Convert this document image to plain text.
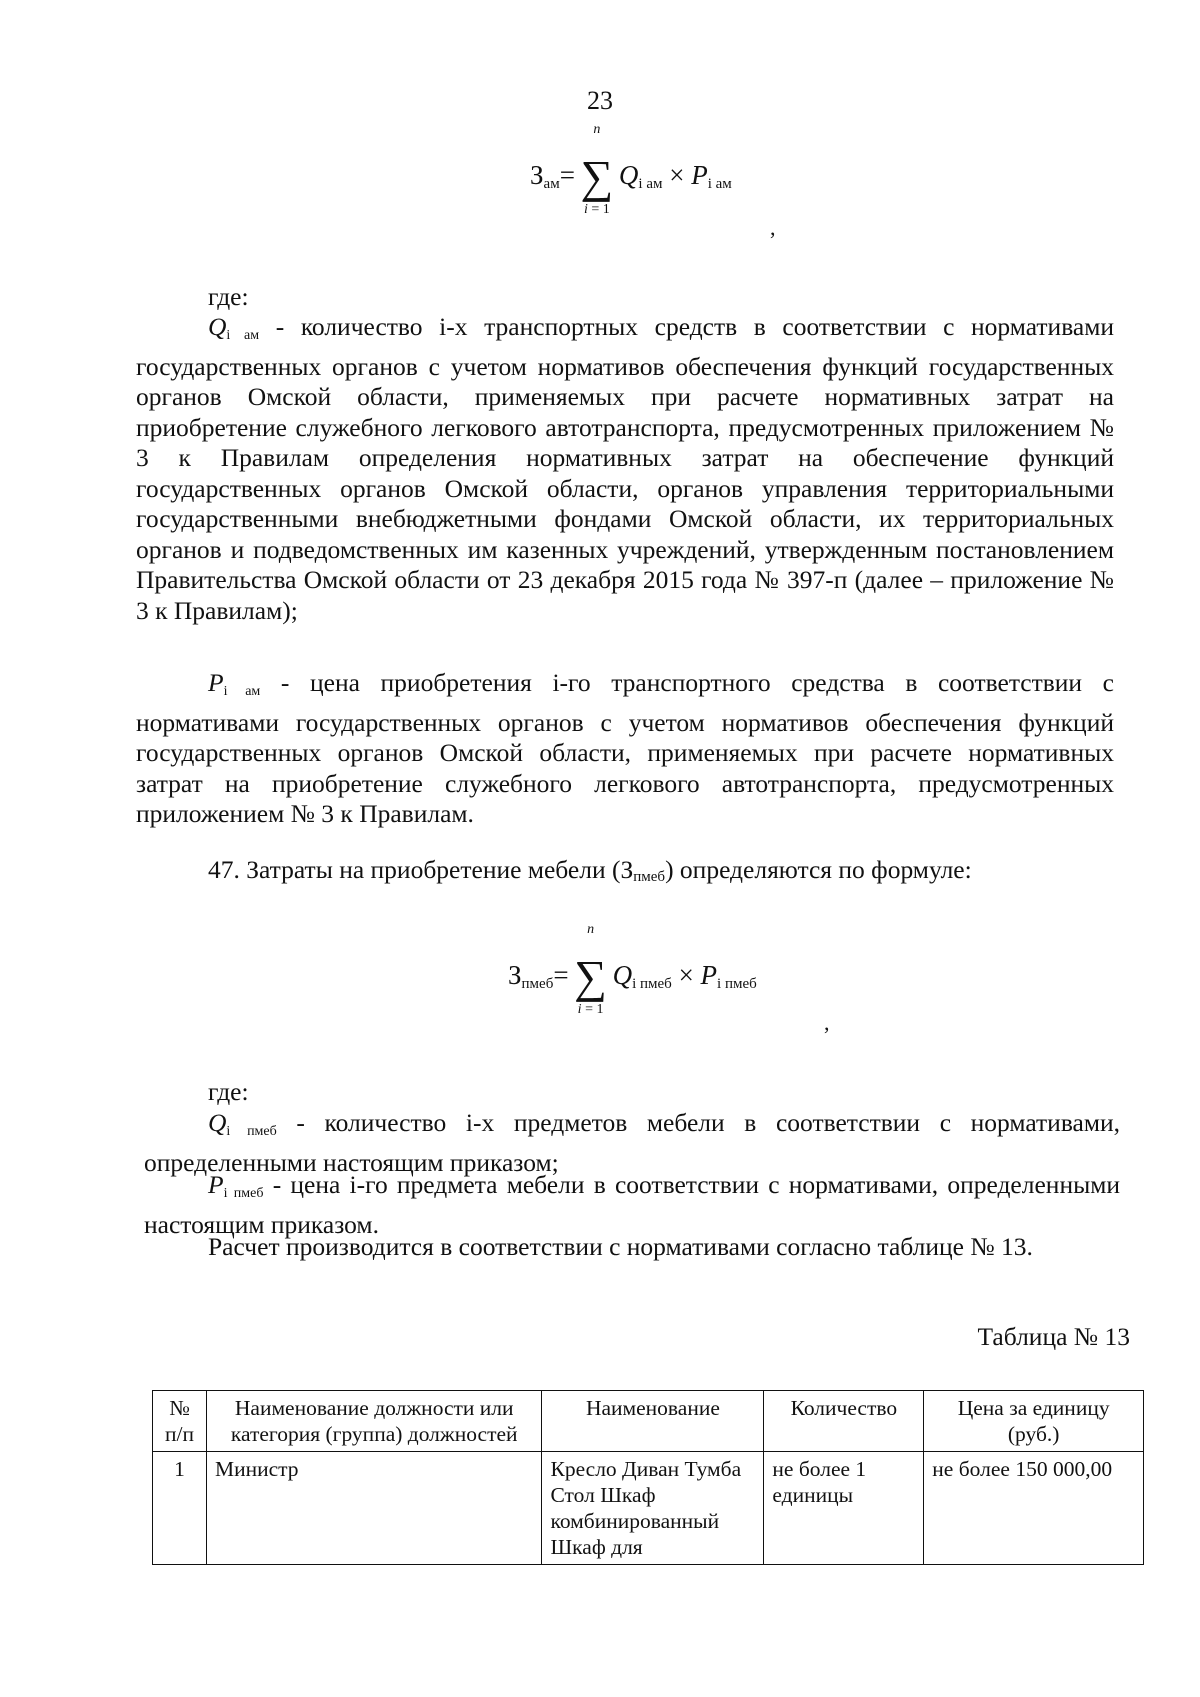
23
$З_{ам}=$ ∑
n
i = 1
$Q_{i ам} \times P_{i ам}$
,
где:
$Q_{i ам}$ - количество i-х транспортных средств в соответствии с нормативами государственных органов с учетом нормативов обеспечения функций государственных органов Омской области, применяемых при расчете нормативных затрат на приобретение служебного легкового автотранспорта, предусмотренных приложением № 3 к Правилам определения нормативных затрат на обеспечение функций государственных органов Омской области, органов управления территориальными государственными внебюджетными фондами Омской области, их территориальных органов и подведомственных им казенных учреждений, утвержденным постановлением Правительства Омской области от 23 декабря 2015 года № 397-п (далее – приложение № 3 к Правилам);
$P_{i ам}$ - цена приобретения i-го транспортного средства в соответствии с нормативами государственных органов с учетом нормативов обеспечения функций государственных органов Омской области, применяемых при расчете нормативных затрат на приобретение служебного легкового автотранспорта, предусмотренных приложением № 3 к Правилам.
47. Затраты на приобретение мебели $(З_{пмеб})$ определяются по формуле:
$З_{пмеб}=$ ∑
n
i = 1
$Q_{i пмеб} \times P_{i пмеб}$
,
где:
$Q_{i пмеб}$ - количество i-х предметов мебели в соответствии с нормативами, определенными настоящим приказом;
$P_{i пмеб}$ - цена i-го предмета мебели в соответствии с нормативами, определенными настоящим приказом.
Расчет производится в соответствии с нормативами согласно таблице № 13.
Таблица № 13
№ п/п	Наименование должности или категория (группа) должностей	Наименование	Количество	Цена за единицу (руб.)
1	Министр	Кресло Диван Тумба Стол Шкаф комбинированный Шкаф для	не более 1 единицы	не более 150 000,00
